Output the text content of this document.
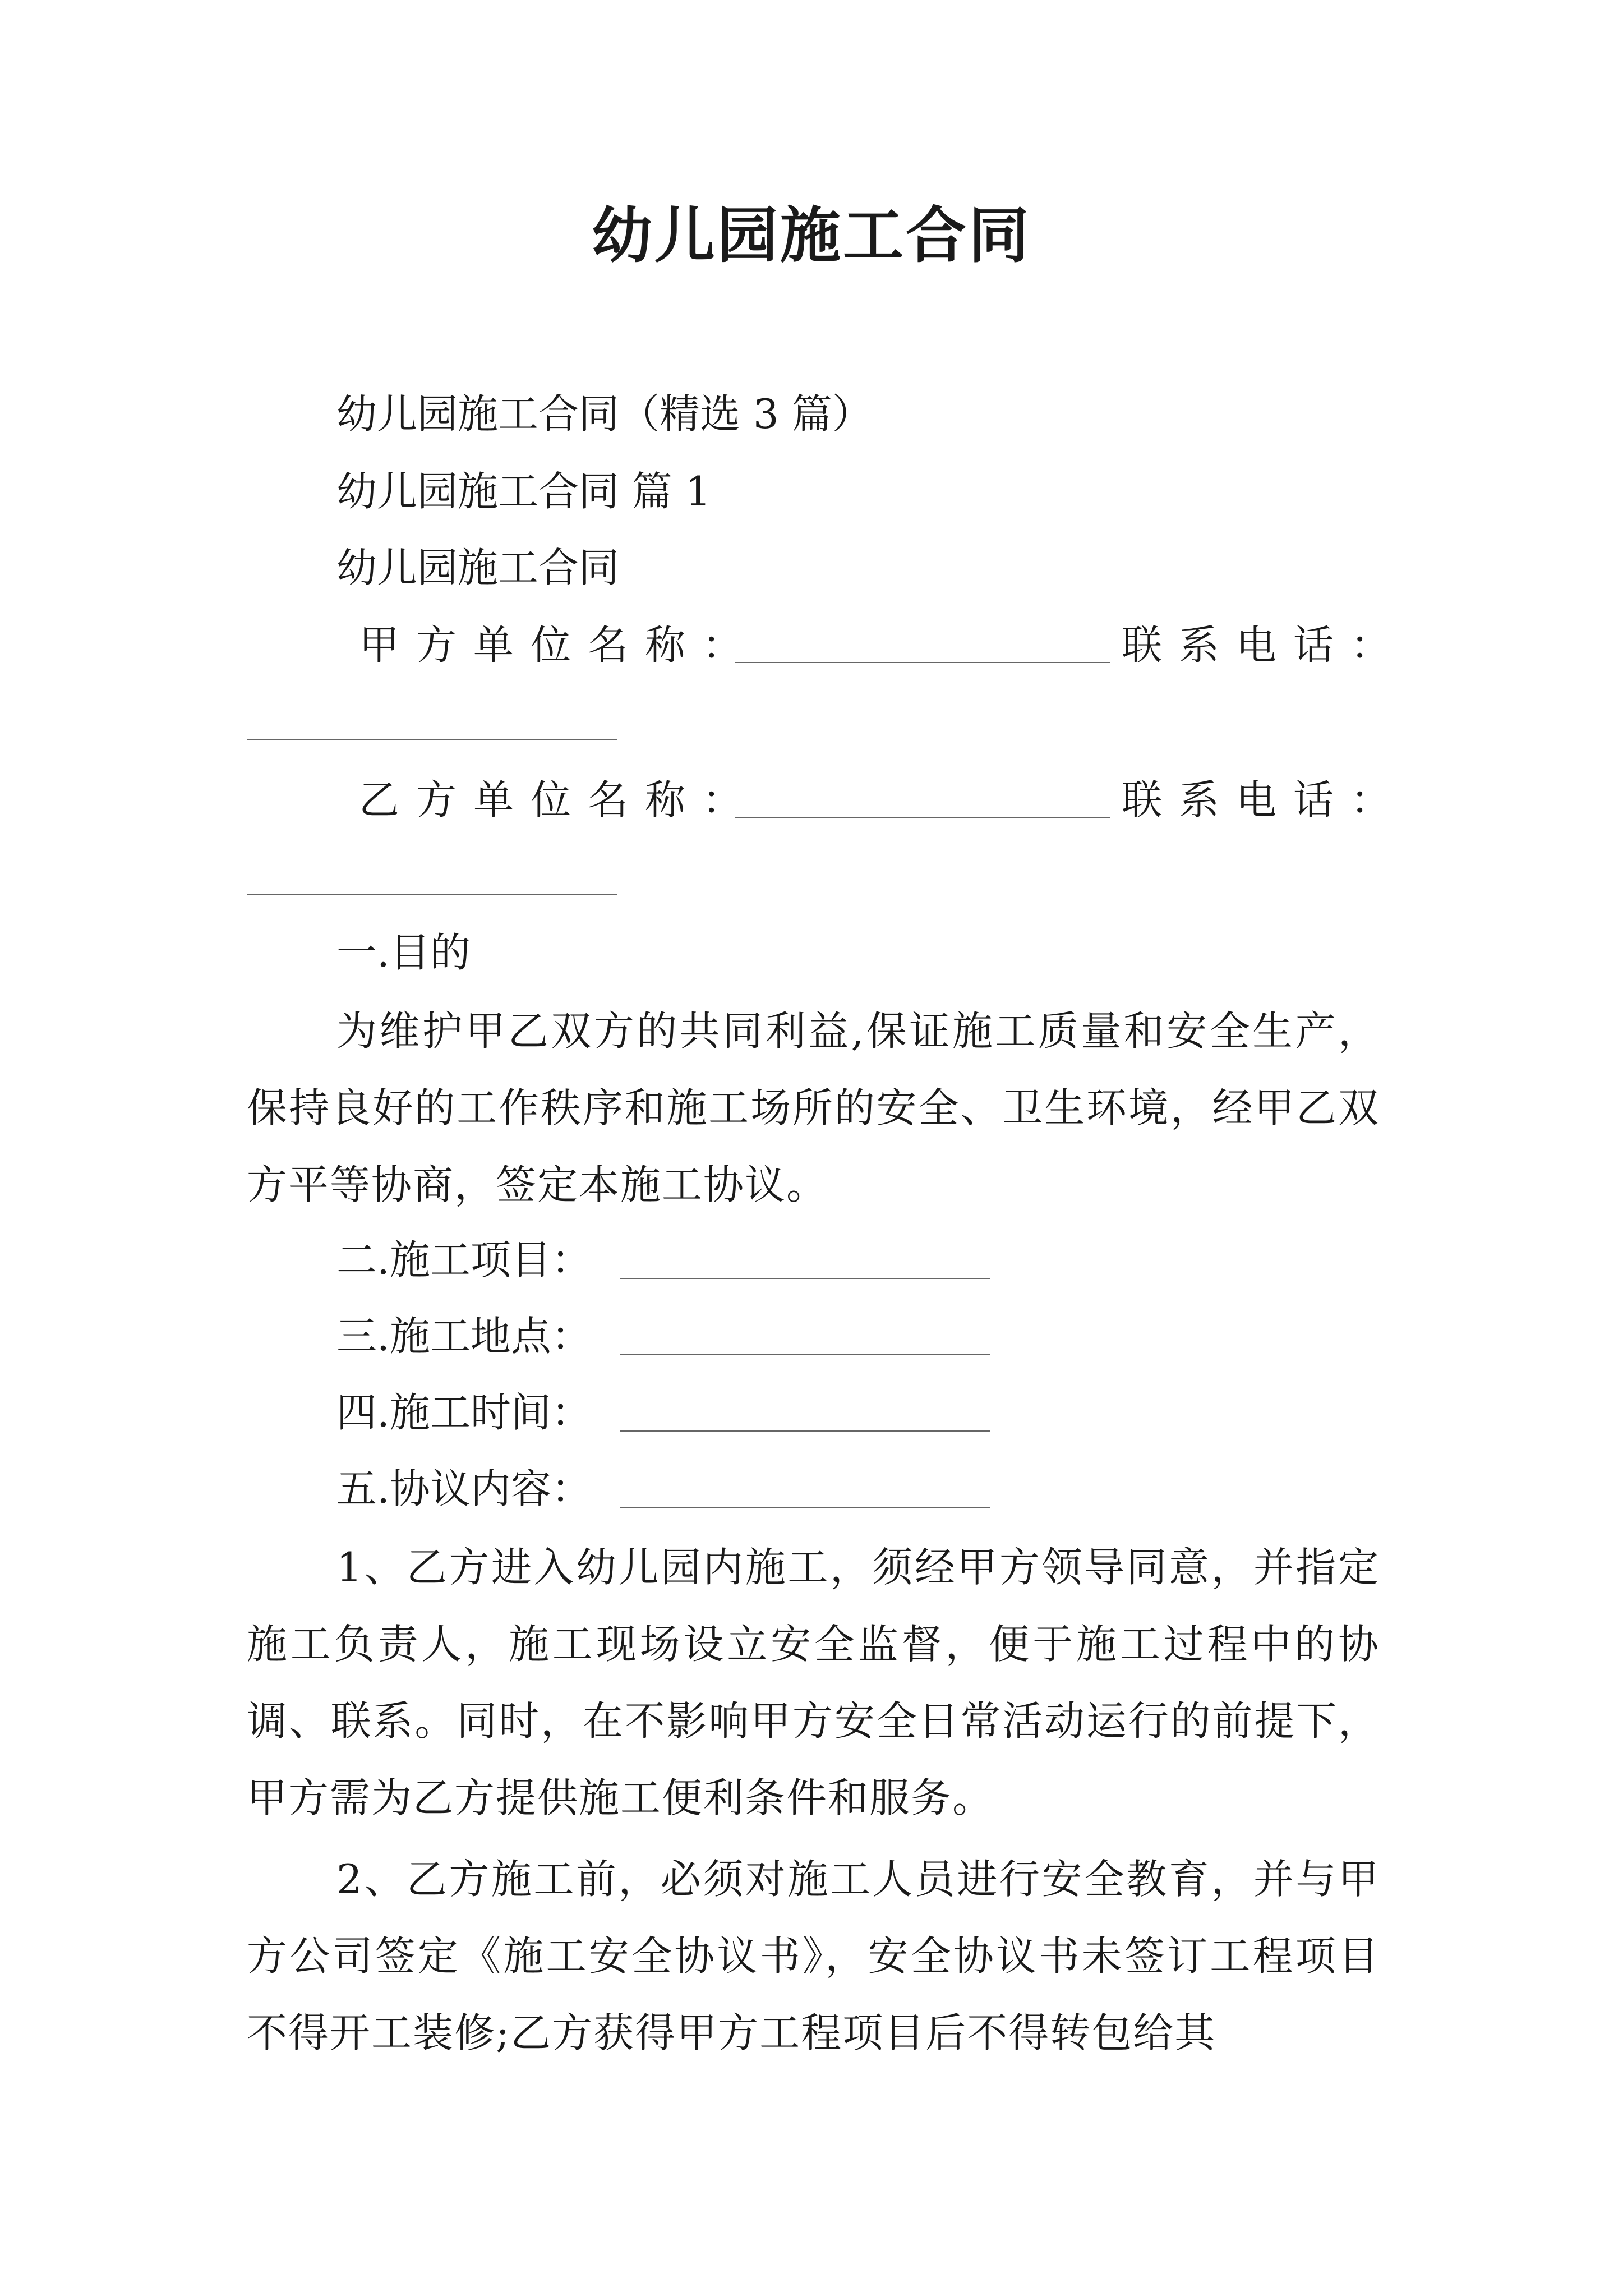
幼儿园施工合同
幼儿园施工合同（精选 3 篇）
幼儿园施工合同 篇 1
幼儿园施工合同
甲方单位名称：	联系电话：
乙方单位名称：	联系电话：
一.目的
为维护甲乙双方的共同利益,保证施工质量和安全生产，保持良好的工作秩序和施工场所的安全、卫生环境，经甲乙双方平等协商，签定本施工协议。
二.施工项目：
三.施工地点：
四.施工时间：
五.协议内容：
1、乙方进入幼儿园内施工，须经甲方领导同意，并指定施工负责人，施工现场设立安全监督，便于施工过程中的协调、联系。同时，在不影响甲方安全日常活动运行的前提下，甲方需为乙方提供施工便利条件和服务。
2、乙方施工前，必须对施工人员进行安全教育，并与甲方公司签定《施工安全协议书》，安全协议书未签订工程项目不得开工装修;乙方获得甲方工程项目后不得转包给其
